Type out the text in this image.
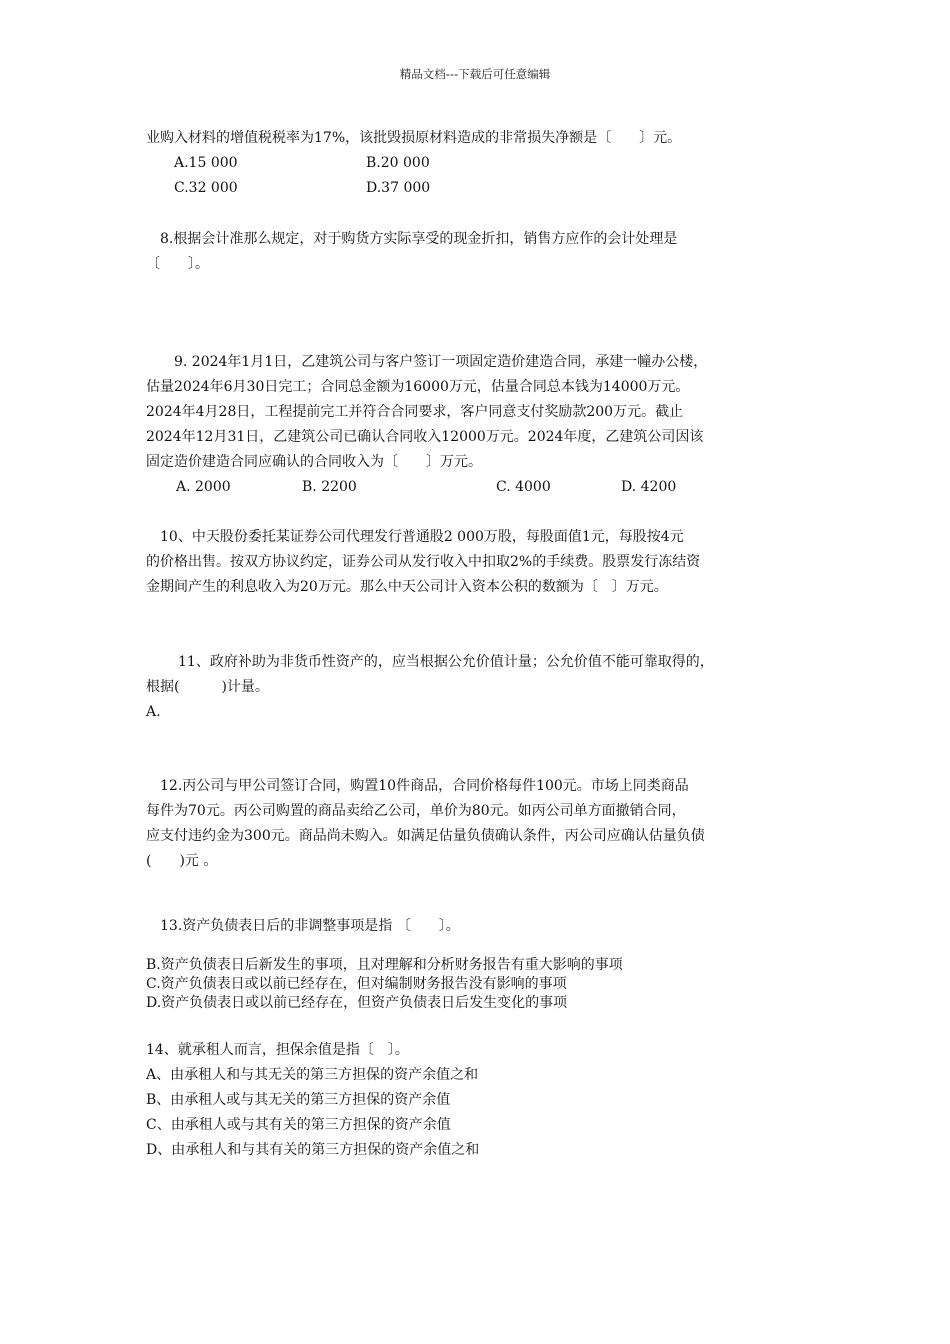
精品文档---下载后可任意编辑
业购入材料的增值税税率为17%，该批毁损原材料造成的非常损失净额是〔　　〕元。
A.15 000	B.20 000
C.32 000	D.37 000
8.根据会计准那么规定，对于购货方实际享受的现金折扣，销售方应作的会计处理是
〔　　〕。
9. 2024年1月1日，乙建筑公司与客户签订一项固定造价建造合同，承建一幢办公楼，
估量2024年6月30日完工；合同总金额为16000万元，估量合同总本钱为14000万元。
2024年4月28日，工程提前完工并符合合同要求，客户同意支付奖励款200万元。截止
2024年12月31日，乙建筑公司已确认合同收入12000万元。2024年度，乙建筑公司因该
固定造价建造合同应确认的合同收入为〔　　〕万元。
A. 2000	B. 2200	C. 4000	D. 4200
10、中天股份委托某证券公司代理发行普通股2 000万股，每股面值1元，每股按4元
的价格出售。按双方协议约定，证券公司从发行收入中扣取2%的手续费。股票发行冻结资
金期间产生的利息收入为20万元。那么中天公司计入资本公积的数额为〔　〕万元。
11、政府补助为非货币性资产的，应当根据公允价值计量；公允价值不能可靠取得的，
根据(　　　)计量。
A.
12.丙公司与甲公司签订合同，购置10件商品，合同价格每件100元。市场上同类商品
每件为70元。丙公司购置的商品卖给乙公司，单价为80元。如丙公司单方面撤销合同，
应支付违约金为300元。商品尚未购入。如满足估量负债确认条件，丙公司应确认估量负债
(　　)元 。
13.资产负债表日后的非调整事项是指 〔　　〕。
B.资产负债表日后新发生的事项，且对理解和分析财务报告有重大影响的事项
C.资产负债表日或以前已经存在，但对编制财务报告没有影响的事项
D.资产负债表日或以前已经存在，但资产负债表日后发生变化的事项
14、就承租人而言，担保余值是指〔　〕。
A、由承租人和与其无关的第三方担保的资产余值之和
B、由承租人或与其无关的第三方担保的资产余值
C、由承租人或与其有关的第三方担保的资产余值
D、由承租人和与其有关的第三方担保的资产余值之和
